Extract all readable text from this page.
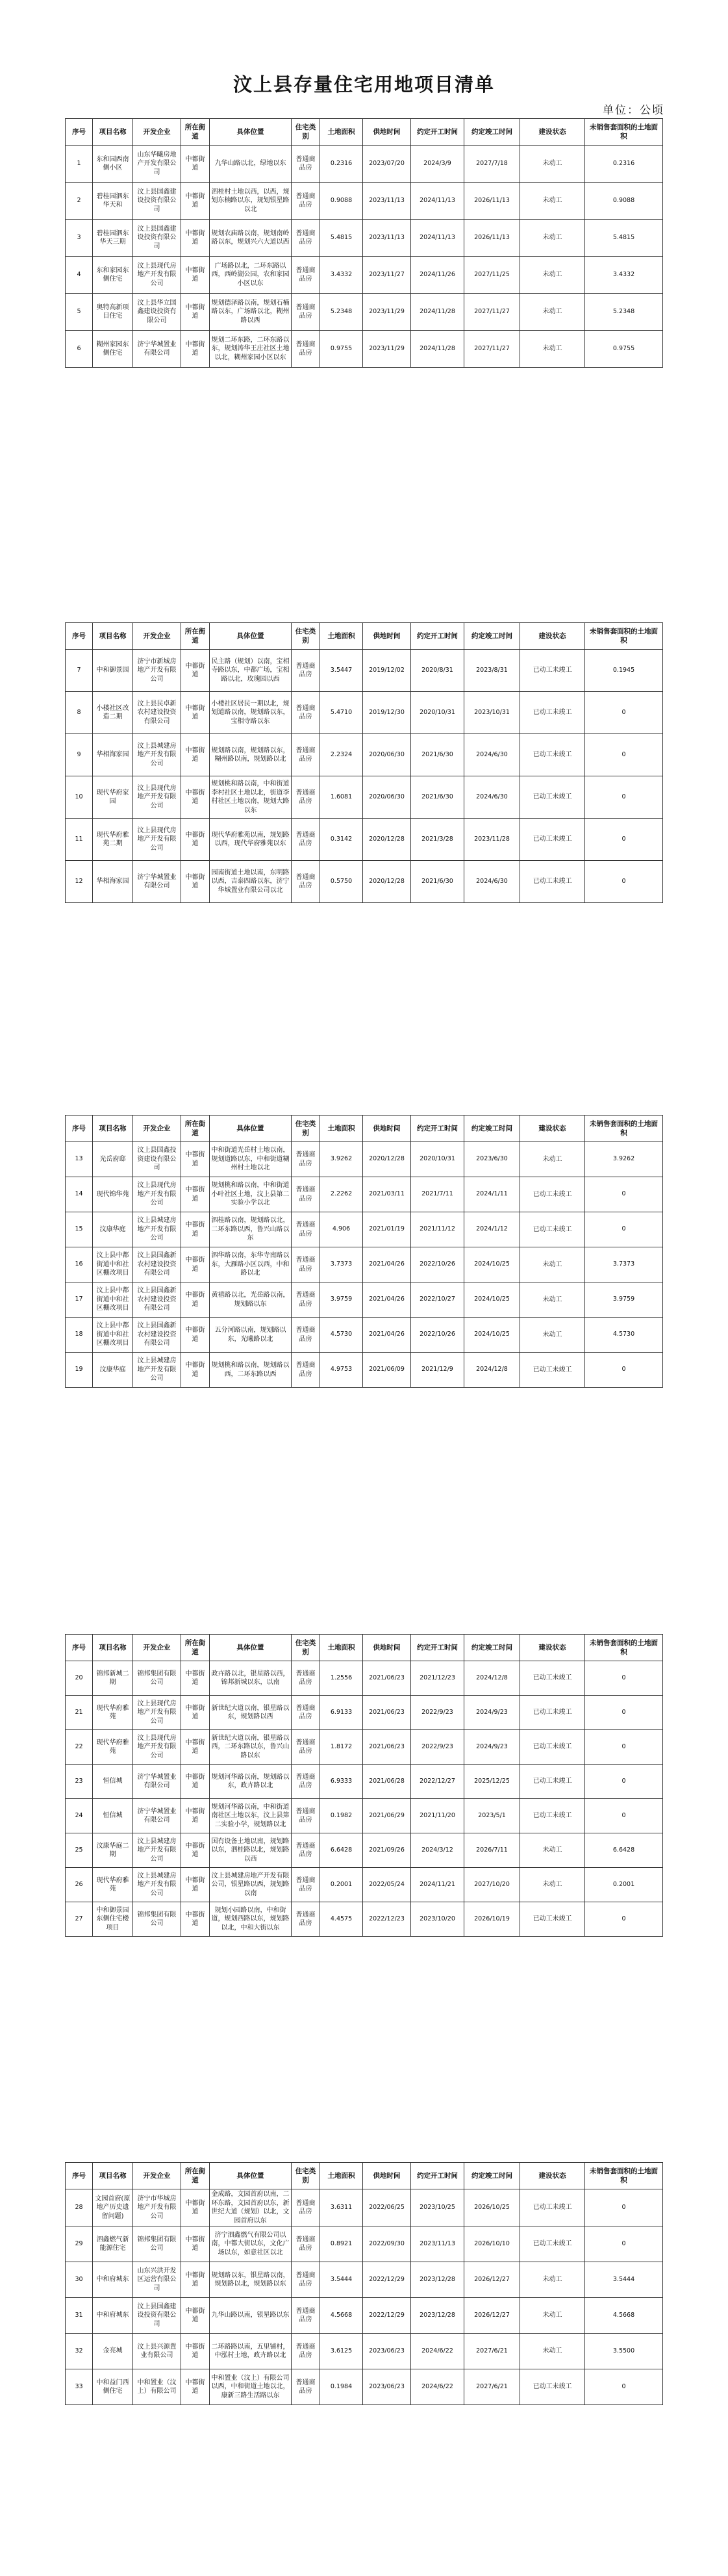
汶上县存量住宅用地项目清单
单位：公顷
序号	项目名称	开发企业	所在街道	具体位置	住宅类别	土地面积	供地时间	约定开工时间	约定竣工时间	建设状态	未销售套面积的土地面积
1	东和园西南侧小区	山东华曦房地产开发有限公司	中都街道	九华山路以北，绿地以东	普通商品房	0.2316	2023/07/20	2024/3/9	2027/7/18	未动工	0.2316
2	碧桂园泗东华天和	汶上县国鑫建设投资有限公司	中都街道	泗桂村土地以西，以西，规划东楠路以东，规划银星路以北	普通商品房	0.9088	2023/11/13	2024/11/13	2026/11/13	未动工	0.9088
3	碧桂园泗东华天三期	汶上县国鑫建设投资有限公司	中都街道	规划农庙路以南，规划南岭路以东，规划兴六大道以西	普通商品房	5.4815	2023/11/13	2024/11/13	2026/11/13	未动工	5.4815
4	东和家园东侧住宅	汶上县现代房地产开发有限公司	中都街道	广场路以北，二环东路以西，西岭湖公园，农和家园小区以东	普通商品房	3.4332	2023/11/27	2024/11/26	2027/11/25	未动工	3.4332
5	奥特高新项目住宅	汶上县华立国鑫建设投资有限公司	中都街道	规划德泽路以南，规划石楠路以东，广场路以北，糊州路以西	普通商品房	5.2348	2023/11/29	2024/11/28	2027/11/27	未动工	5.2348
6	糊州家园东侧住宅	济宁华城置业有限公司	中都街道	规划二环东路，二环东路以东，规划涛华王庄社区土地以北，糊州家园小区以东	普通商品房	0.9755	2023/11/29	2024/11/28	2027/11/27	未动工	0.9755
序号	项目名称	开发企业	所在街道	具体位置	住宅类别	土地面积	供地时间	约定开工时间	约定竣工时间	建设状态	未销售套面积的土地面积
7	中和御景园	济宁市新城房地产开发有限公司	中都街道	民主路（规划）以南，宝相寺路以东，中都广场，宝相路以北，玫瑰园以西	普通商品房	3.5447	2019/12/02	2020/8/31	2023/8/31	已动工未竣工	0.1945
8	小楼社区改造二期	汶上县民卓新农村建设投资有限公司	中都街道	小楼社区居民一期以北，规划道路以南，规划路以东，宝相寺路以东	普通商品房	5.4710	2019/12/30	2020/10/31	2023/10/31	已动工未竣工	0
9	华相海家园	汶上县城建房地产开发有限公司	中都街道	规划路以南，规划路以东，糊州路以南，规划路以北	普通商品房	2.2324	2020/06/30	2021/6/30	2024/6/30	已动工未竣工	0
10	现代华府家园	汶上县现代房地产开发有限公司	中都街道	规划桃和路以南，中和街道李村社区土地以北，街道李村社区土地以南，规划大路以东	普通商品房	1.6081	2020/06/30	2021/6/30	2024/6/30	已动工未竣工	0
11	现代华府雅苑二期	汶上县现代房地产开发有限公司	中都街道	现代华府雅苑以南，规划路以西，现代华府雅苑以东	普通商品房	0.3142	2020/12/28	2021/3/28	2023/11/28	已动工未竣工	0
12	华相海家园	济宁华城置业有限公司	中都街道	园南街道土地以南，东明路以西，吉泰四路以东，济宁华城置业有限公司以北	普通商品房	0.5750	2020/12/28	2021/6/30	2024/6/30	已动工未竣工	0
序号	项目名称	开发企业	所在街道	具体位置	住宅类别	土地面积	供地时间	约定开工时间	约定竣工时间	建设状态	未销售套面积的土地面积
13	光岳府邸	汶上县国鑫投资建设有限公司	中都街道	中和街道光岳村土地以南，规划道路以东，中和街道糊州村土地以北	普通商品房	3.9262	2020/12/28	2020/10/31	2023/6/30	未动工	3.9262
14	现代锦华苑	汶上县现代房地产开发有限公司	中都街道	规划桃和路以南，中和街道小叶社区土地，汶上县第二实验小学以北	普通商品房	2.2262	2021/03/11	2021/7/11	2024/1/11	已动工未竣工	0
15	汶康华庭	汶上县城建房地产开发有限公司	中都街道	泗桂路以南，规划路以北，二环东路以西，鲁兴山路以东	普通商品房	4.906	2021/01/19	2021/11/12	2024/1/12	已动工未竣工	0
16	汶上县中都街道中和社区棚改项目	汶上县国鑫新农村建设投资有限公司	中都街道	泗华路以南，东华寺南路以东，大雁路小区以西，中和路以北	普通商品房	3.7373	2021/04/26	2022/10/26	2024/10/25	未动工	3.7373
17	汶上县中都街道中和社区棚改项目	汶上县国鑫新农村建设投资有限公司	中都街道	黄禧路以北，光岳路以南，规划路以东	普通商品房	3.9759	2021/04/26	2022/10/27	2024/10/25	未动工	3.9759
18	汶上县中都街道中和社区棚改项目	汶上县国鑫新农村建设投资有限公司	中都街道	五分河路以南，规划路以东，光曦路以北	普通商品房	4.5730	2021/04/26	2022/10/26	2024/10/25	未动工	4.5730
19	汶康华庭	汶上县城建房地产开发有限公司	中都街道	规划桃和路以南，规划路以西，二环东路以西	普通商品房	4.9753	2021/06/09	2021/12/9	2024/12/8	已动工未竣工	0
序号	项目名称	开发企业	所在街道	具体位置	住宅类别	土地面积	供地时间	约定开工时间	约定竣工时间	建设状态	未销售套面积的土地面积
20	锦邦新城二期	锦邦集团有限公司	中都街道	政卉路以北，银星路以西，锦邦新城以东，以南	普通商品房	1.2556	2021/06/23	2021/12/23	2024/12/8	已动工未竣工	0
21	现代华府雅苑	汶上县现代房地产开发有限公司	中都街道	新世纪大道以南，银星路以东，规划路以西	普通商品房	6.9133	2021/06/23	2022/9/23	2024/9/23	已动工未竣工	0
22	现代华府雅苑	汶上县现代房地产开发有限公司	中都街道	新世纪大道以南，银星路以西，二环东路以东，鲁兴山路以东	普通商品房	1.8172	2021/06/23	2022/9/23	2024/9/23	已动工未竣工	0
23	恒信城	济宁华城置业有限公司	中都街道	规划河华路以南，规划路以东，政卉路以北	普通商品房	6.9333	2021/06/28	2022/12/27	2025/12/25	已动工未竣工	0
24	恒信城	济宁华城置业有限公司	中都街道	规划河华路以南，中和街道南社区土地以东，汶上县第二实验小学，规划路以北	普通商品房	0.1982	2021/06/29	2021/11/20	2023/5/1	已动工未竣工	0
25	汶康华庭二期	汶上县城建房地产开发有限公司	中都街道	国有设备土地以南，规划路以东，泗桂路以北，规划路以西	普通商品房	6.6428	2021/09/26	2024/3/12	2026/7/11	未动工	6.6428
26	现代华府雅苑	汶上县城建房地产开发有限公司	中都街道	汶上县城建房地产开发有限公司，银星路以西，规划路以南	普通商品房	0.2001	2022/05/24	2024/11/21	2027/10/20	未动工	0.2001
27	中和御景园东侧住宅楼项目	锦邦集团有限公司	中都街道	规划小园路以南，中和街道，规划西路以东，规划路以北，中和大街以东	普通商品房	4.4575	2022/12/23	2023/10/20	2026/10/19	已动工未竣工	0
序号	项目名称	开发企业	所在街道	具体位置	住宅类别	土地面积	供地时间	约定开工时间	约定竣工时间	建设状态	未销售套面积的土地面积
28	文园首府(原地产历史遗留问题)	济宁市华城房地产开发有限公司	中都街道	金成路，文园首府以南，二环东路，文园首府以东，新世纪大道（规划）以北，文园首府以东	普通商品房	3.6311	2022/06/25	2023/10/25	2026/10/25	已动工未竣工	0
29	泗鑫燃气新能源住宅	锦邦集团有限公司	中都街道	济宁泗鑫燃气有限公司以南，中都大街以东，文化广场以东，如意社区以北	普通商品房	0.8921	2022/09/30	2023/11/13	2026/10/10	已动工未竣工	0
30	中和府城东	山东兴洪开发区运营有限公司	中都街道	规划路以东，银星路以南，规划路以北，规划路以东	普通商品房	3.5444	2022/12/29	2023/12/28	2026/12/27	未动工	3.5444
31	中和府城东	汶上县国鑫建设投资有限公司	中都街道	九华山路以南，银星路以东	普通商品房	4.5668	2022/12/29	2023/12/28	2026/12/27	未动工	4.5668
32	金亮城	汶上县兴源置业有限公司	中都街道	二环路路以南，五里铺村，中泓村土地，政卉路以北	普通商品房	3.6125	2023/06/23	2024/6/22	2027/6/21	未动工	3.5500
33	中和益门西侧住宅	中和置业（汶上）有限公司	中都街道	中和置业（汶上）有限公司以西，中和街道土地以北，康新三路生活路以东	普通商品房	0.1984	2023/06/23	2024/6/22	2027/6/21	已动工未竣工	0
